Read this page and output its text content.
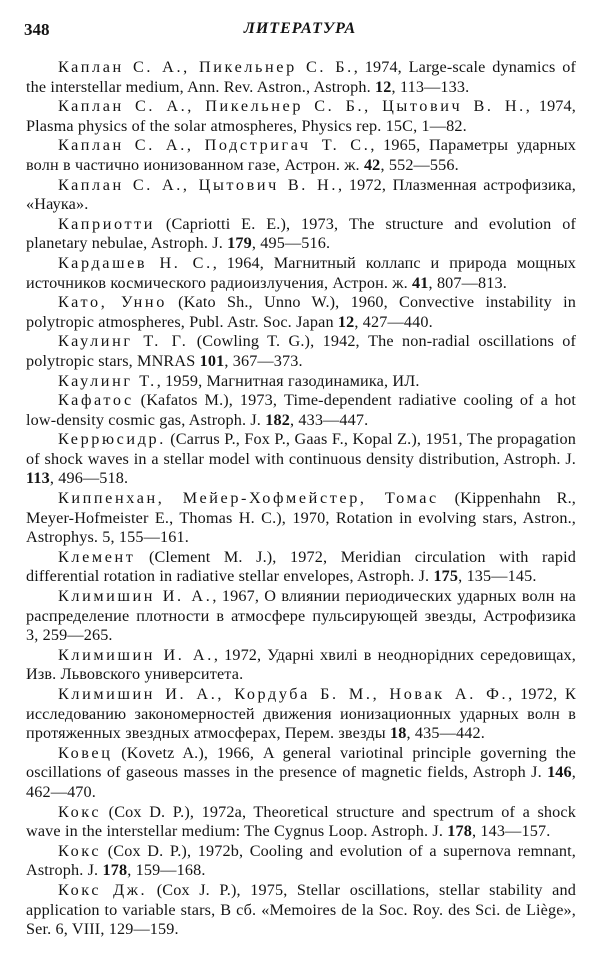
348	ЛИТЕРАТУРА

Каплан С. А., Пикельнер С. Б., 1974, Large-scale dynamics of the interstellar medium, Ann. Rev. Astron., Astroph. 12, 113—133.

Каплан С. А., Пикельнер С. Б., Цытович В. Н., 1974, Plasma physics of the solar atmospheres, Physics rep. 15C, 1—82.

Каплан С. А., Подстригач Т. С., 1965, Параметры ударных волн в частично ионизованном газе, Астрон. ж. 42, 552—556.

Каплан С. А., Цытович В. Н., 1972, Плазменная астрофизика, «Наука».

Каприотти (Capriotti E. E.), 1973, The structure and evolution of planetary nebulae, Astroph. J. 179, 495—516.

Кардашев Н. С., 1964, Магнитный коллапс и природа мощных источников космического радиоизлучения, Астрон. ж. 41, 807—813.

Като, Унно (Kato Sh., Unno W.), 1960, Convective instability in polytropic atmospheres, Publ. Astr. Soc. Japan 12, 427—440.

Каулинг Т. Г. (Cowling T. G.), 1942, The non-radial oscillations of polytropic stars, MNRAS 101, 367—373.

Каулинг Т., 1959, Магнитная газодинамика, ИЛ.

Кафатос (Kafatos M.), 1973, Time-dependent radiative cooling of a hot low-density cosmic gas, Astroph. J. 182, 433—447.

Керрюсидр. (Carrus P., Fox P., Gaas F., Kopal Z.), 1951, The propagation of shock waves in a stellar model with continuous density distribution, Astroph. J. 113, 496—518.

Киппенхан, Мейер-Хофмейстер, Томас (Kippenhahn R., Meyer-Hofmeister E., Thomas H. C.), 1970, Rotation in evolving stars, Astron., Astrophys. 5, 155—161.

Клемент (Clement M. J.), 1972, Meridian circulation with rapid differential rotation in radiative stellar envelopes, Astroph. J. 175, 135—145.

Климишин И. А., 1967, О влиянии периодических ударных волн на распределение плотности в атмосфере пульсирующей звезды, Астрофизика 3, 259—265.

Климишин И. А., 1972, Ударні хвилі в неоднорідних середовищах, Изв. Львовского университета.

Климишин И. А., Кордуба Б. М., Новак А. Ф., 1972, К исследованию закономерностей движения ионизационных ударных волн в протяженных звездных атмосферах, Перем. звезды 18, 435—442.

Ковец (Kovetz A.), 1966, A general variotinal principle governing the oscillations of gaseous masses in the presence of magnetic fields, Astroph J. 146, 462—470.

Кокс (Cox D. P.), 1972a, Theoretical structure and spectrum of a shock wave in the interstellar medium: The Cygnus Loop. Astroph. J. 178, 143—157.

Кокс (Cox D. P.), 1972b, Cooling and evolution of a supernova remnant, Astroph. J. 178, 159—168.

Кокс Дж. (Cox J. P.), 1975, Stellar oscillations, stellar stability and application to variable stars, В сб. «Memoires de la Soc. Roy. des Sci. de Liège», Ser. 6, VIII, 129—159.
